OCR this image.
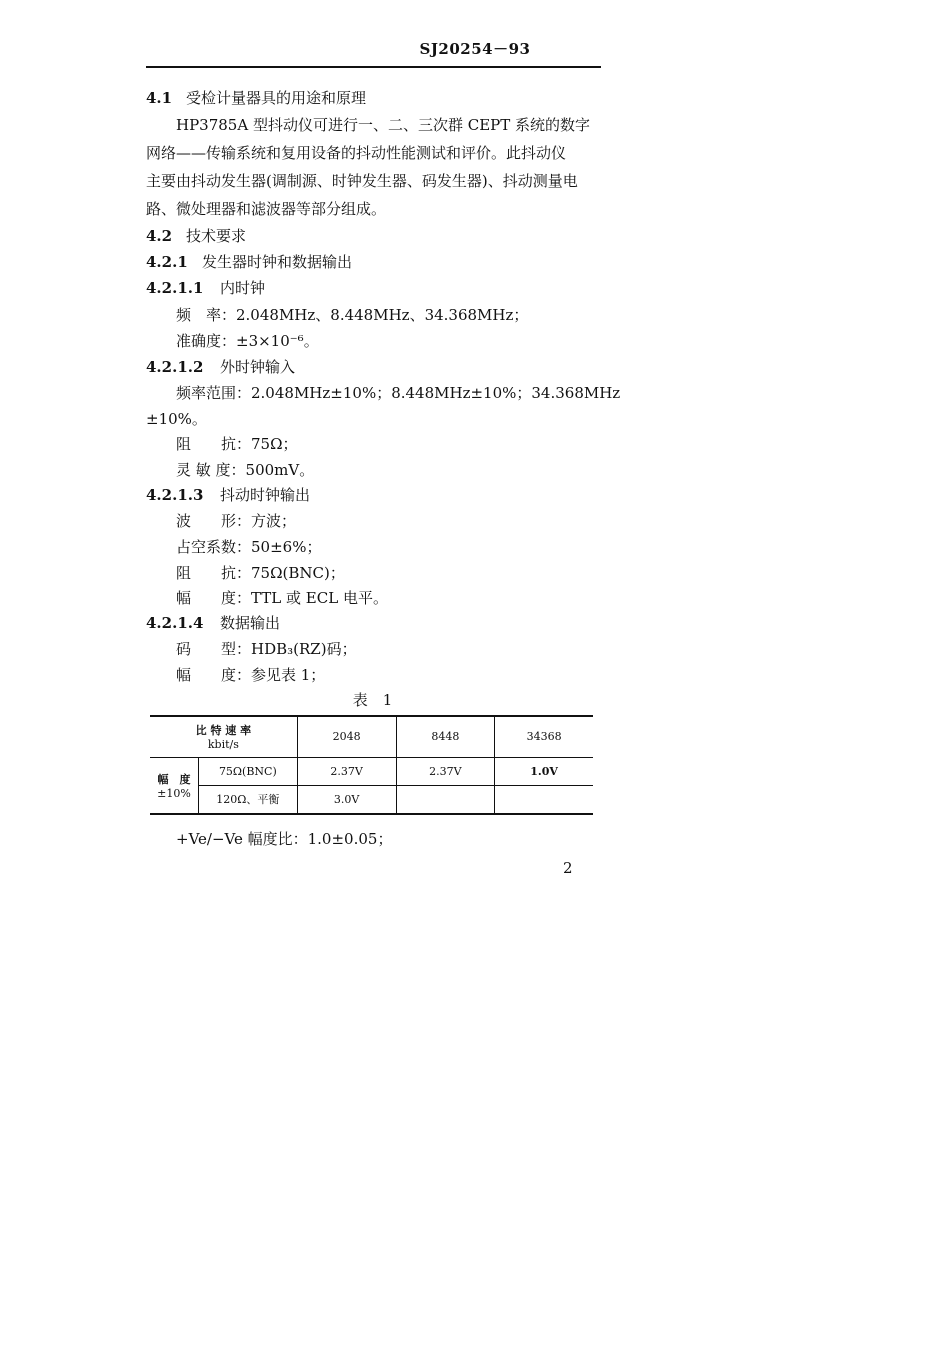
SJ20254－93
4.1 受检计量器具的用途和原理
HP3785A 型抖动仪可进行一、二、三次群 CEPT 系统的数字
网络——传输系统和复用设备的抖动性能测试和评价。此抖动仪
主要由抖动发生器(调制源、时钟发生器、码发生器)、抖动测量电
路、微处理器和滤波器等部分组成。
4.2 技术要求
4.2.1 发生器时钟和数据输出
4.2.1.1 内时钟
频　率：2.048MHz、8.448MHz、34.368MHz；
准确度：±3×10⁻⁶。
4.2.1.2 外时钟输入
频率范围：2.048MHz±10%；8.448MHz±10%；34.368MHz
±10%。
阻　　抗：75Ω；
灵 敏 度：500mV。
4.2.1.3 抖动时钟输出
波　　形：方波；
占空系数：50±6%；
阻　　抗：75Ω(BNC)；
幅　　度：TTL 或 ECL 电平。
4.2.1.4 数据输出
码　　型：HDB₃(RZ)码；
幅　　度：参见表 1；
表　1
比 特 速 率
kbit/s		2048	8448	34368

幅　度
±10%	75Ω(BNC)	2.37V	2.37V	1.0V
	120Ω、平衡	3.0V		
+Ve/−Ve 幅度比：1.0±0.05；
2
